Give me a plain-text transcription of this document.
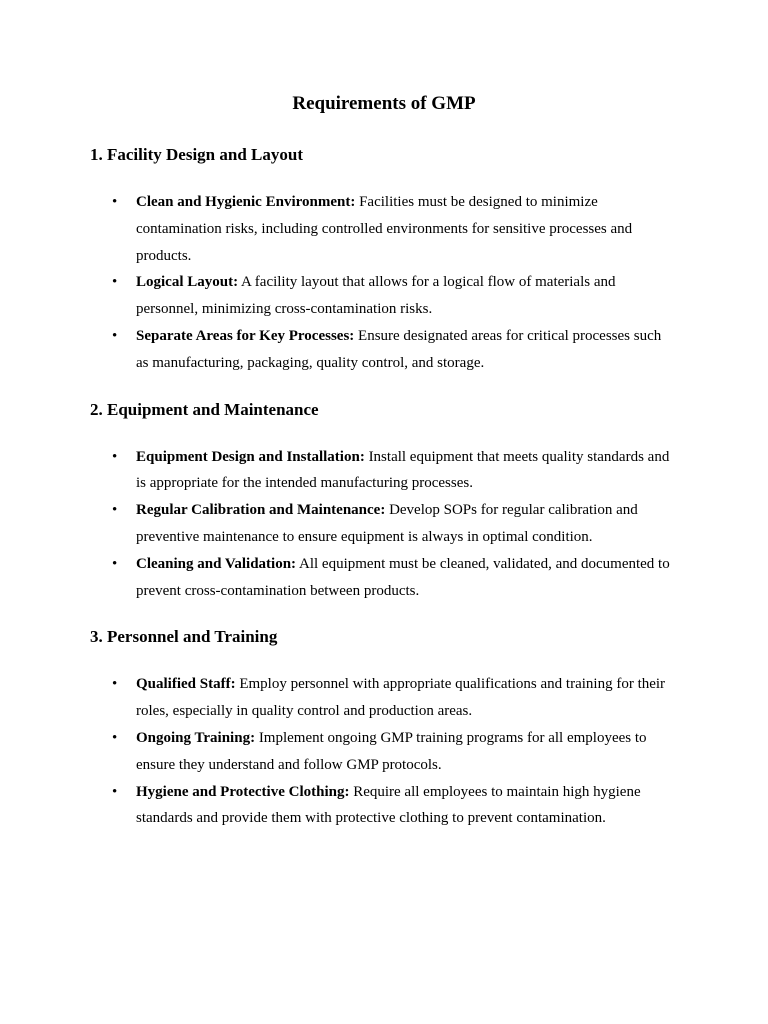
Requirements of GMP
1. Facility Design and Layout
• Clean and Hygienic Environment: Facilities must be designed to minimize contamination risks, including controlled environments for sensitive processes and products.
• Logical Layout: A facility layout that allows for a logical flow of materials and personnel, minimizing cross-contamination risks.
• Separate Areas for Key Processes: Ensure designated areas for critical processes such as manufacturing, packaging, quality control, and storage.
2. Equipment and Maintenance
• Equipment Design and Installation: Install equipment that meets quality standards and is appropriate for the intended manufacturing processes.
• Regular Calibration and Maintenance: Develop SOPs for regular calibration and preventive maintenance to ensure equipment is always in optimal condition.
• Cleaning and Validation: All equipment must be cleaned, validated, and documented to prevent cross-contamination between products.
3. Personnel and Training
• Qualified Staff: Employ personnel with appropriate qualifications and training for their roles, especially in quality control and production areas.
• Ongoing Training: Implement ongoing GMP training programs for all employees to ensure they understand and follow GMP protocols.
• Hygiene and Protective Clothing: Require all employees to maintain high hygiene standards and provide them with protective clothing to prevent contamination.
